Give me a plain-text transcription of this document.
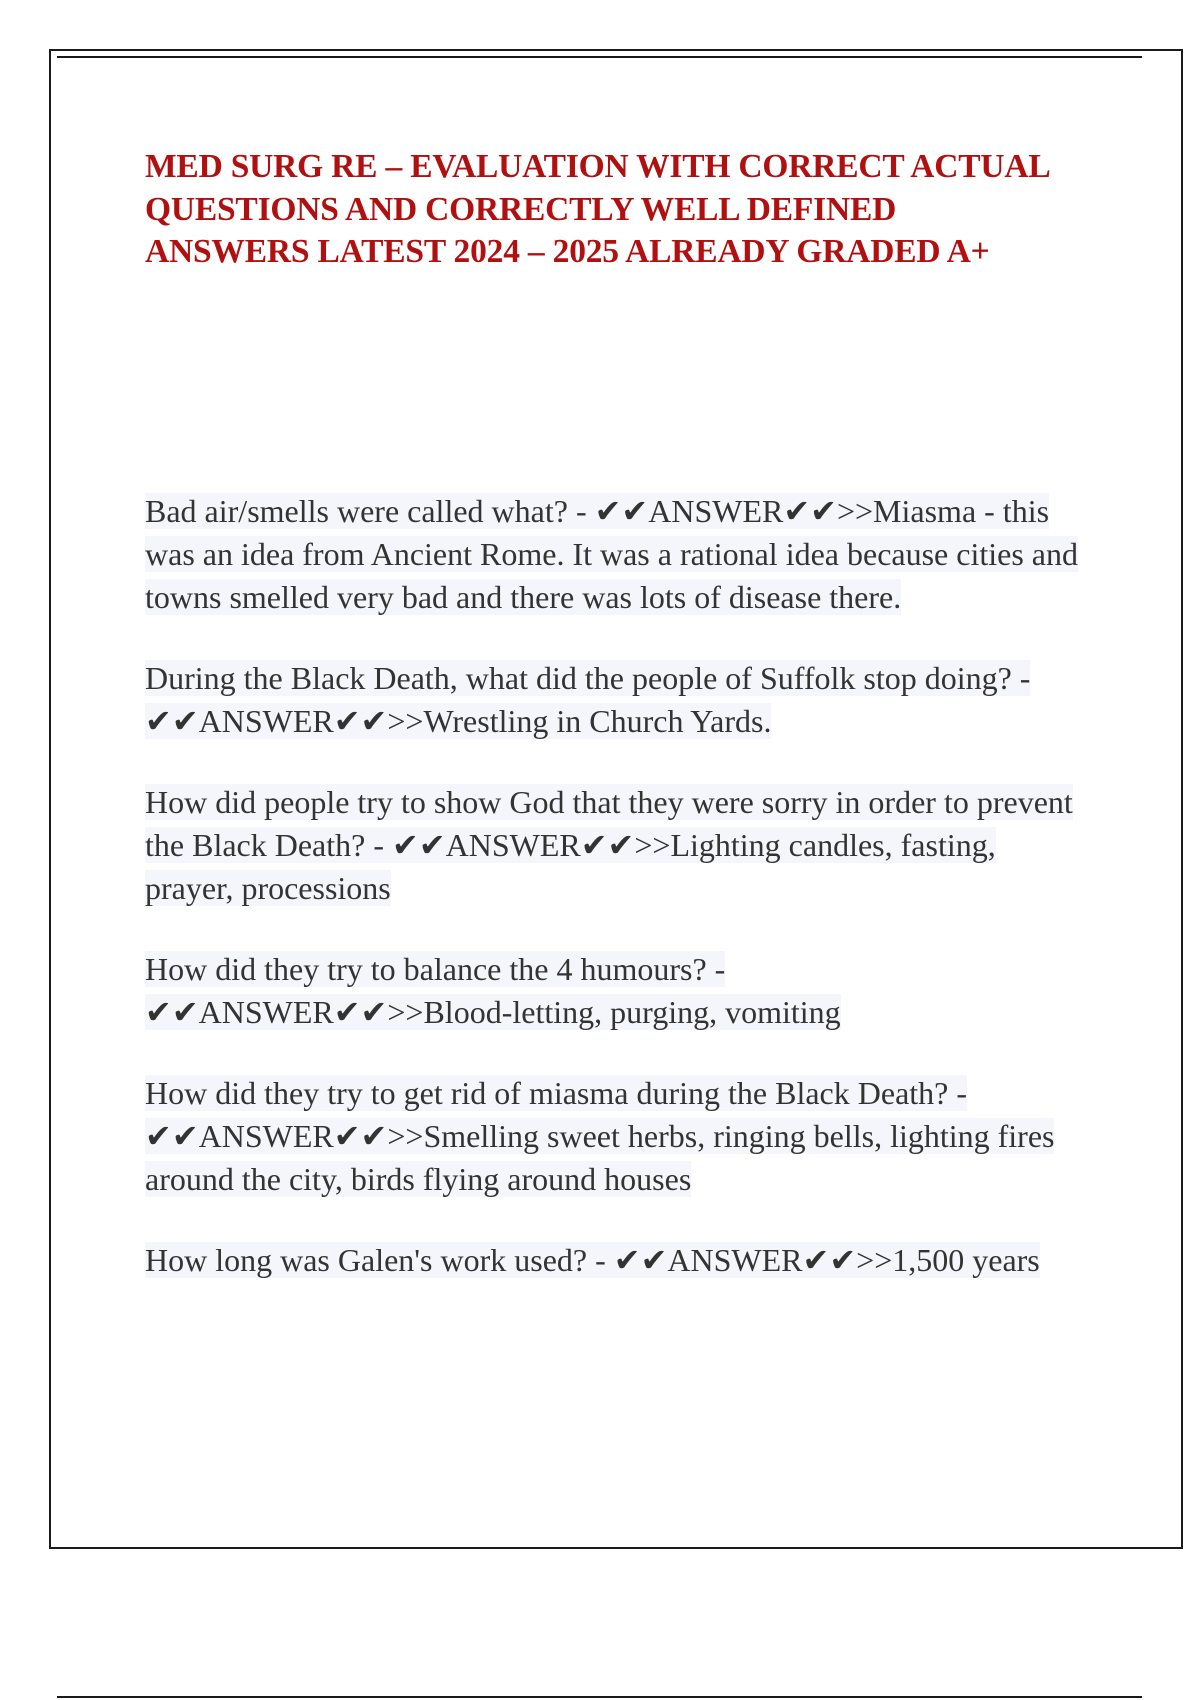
MED SURG RE – EVALUATION WITH CORRECT ACTUAL QUESTIONS AND CORRECTLY WELL DEFINED ANSWERS LATEST 2024 – 2025 ALREADY GRADED A+

Bad air/smells were called what? - ✔✔ANSWER✔✔>>Miasma - this was an idea from Ancient Rome. It was a rational idea because cities and towns smelled very bad and there was lots of disease there.

During the Black Death, what did the people of Suffolk stop doing? - ✔✔ANSWER✔✔>>Wrestling in Church Yards.

How did people try to show God that they were sorry in order to prevent the Black Death? - ✔✔ANSWER✔✔>>Lighting candles, fasting, prayer, processions

How did they try to balance the 4 humours? - ✔✔ANSWER✔✔>>Blood-letting, purging, vomiting

How did they try to get rid of miasma during the Black Death? - ✔✔ANSWER✔✔>>Smelling sweet herbs, ringing bells, lighting fires around the city, birds flying around houses

How long was Galen's work used? - ✔✔ANSWER✔✔>>1,500 years
